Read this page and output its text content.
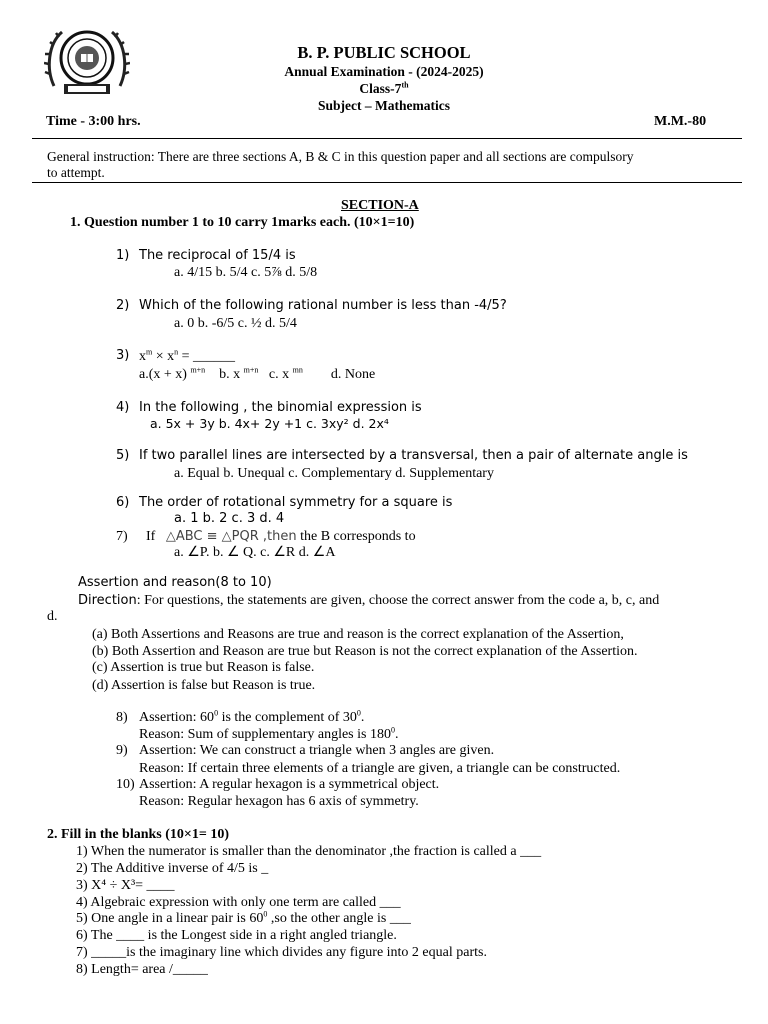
B. P. PUBLIC SCHOOL
Annual Examination - (2024-2025)
Class-7th
Subject – Mathematics
Time - 3:00 hrs.	M.M.-80
General instruction: There are three sections A, B & C in this question paper and all sections are compulsory
to attempt.
SECTION-A
1. Question number 1 to 10 carry 1marks each. (10×1=10)
1) The reciprocal of 15/4 is
a. 4/15 b. 5/4 c. 5⅞ d. 5/8
2) Which of the following rational number is less than -4/5?
a. 0 b. -6/5 c. ½ d. 5/4
3) $x^m \times x^n$ = ______
a.(x + x) $^{m+n}$ b. x $^{m+n}$ c. x $^{mn}$ d. None
4) In the following , the binomial expression is
a. 5x + 3y b. 4x+ 2y +1 c. 3xy² d. 2x⁴
5) If two parallel lines are intersected by a transversal, then a pair of alternate angle is
a. Equal b. Unequal c. Complementary d. Supplementary
6) The order of rotational symmetry for a square is
a. 1 b. 2 c. 3 d. 4
7) If △ABC ≡ △PQR ,then the B corresponds to
a. ∠P. b. ∠ Q. c. ∠R d. ∠A
Assertion and reason(8 to 10)
Direction: For questions, the statements are given, choose the correct answer from the code a, b, c, and
d.
(a) Both Assertions and Reasons are true and reason is the correct explanation of the Assertion,
(b) Both Assertion and Reason are true but Reason is not the correct explanation of the Assertion.
(c) Assertion is true but Reason is false.
(d) Assertion is false but Reason is true.
8) Assertion: $60^0$ is the complement of $30^0$.
Reason: Sum of supplementary angles is $180^0$.
9) Assertion: We can construct a triangle when 3 angles are given.
Reason: If certain three elements of a triangle are given, a triangle can be constructed.
10) Assertion: A regular hexagon is a symmetrical object.
Reason: Regular hexagon has 6 axis of symmetry.
2. Fill in the blanks (10×1= 10)
1) When the numerator is smaller than the denominator ,the fraction is called a ___
2) The Additive inverse of 4/5 is _
3) X⁴ ÷ X³= ____
4) Algebraic expression with only one term are called ___
5) One angle in a linear pair is $60^0$ ,so the other angle is ___
6) The ____ is the Longest side in a right angled triangle.
7) _____is the imaginary line which divides any figure into 2 equal parts.
8) Length= area /_____
